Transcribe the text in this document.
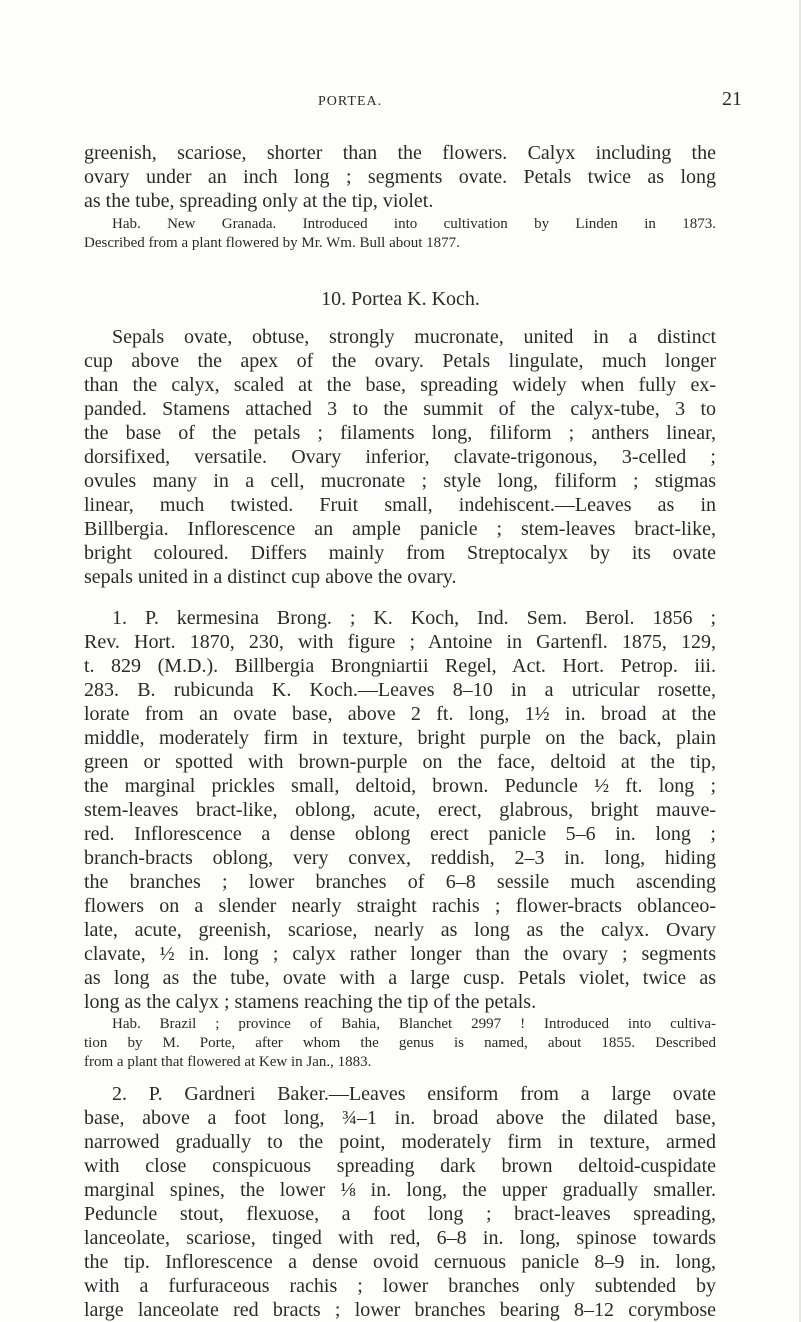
PORTEA.	21
greenish, scariose, shorter than the flowers. Calyx including the
ovary under an inch long ; segments ovate. Petals twice as long
as the tube, spreading only at the tip, violet.
Hab. New Granada. Introduced into cultivation by Linden in 1873.
Described from a plant flowered by Mr. Wm. Bull about 1877.
10. Portea K. Koch.
Sepals ovate, obtuse, strongly mucronate, united in a distinct
cup above the apex of the ovary. Petals lingulate, much longer
than the calyx, scaled at the base, spreading widely when fully ex-
panded. Stamens attached 3 to the summit of the calyx-tube, 3 to
the base of the petals ; filaments long, filiform ; anthers linear,
dorsifixed, versatile. Ovary inferior, clavate-trigonous, 3-celled ;
ovules many in a cell, mucronate ; style long, filiform ; stigmas
linear, much twisted. Fruit small, indehiscent.—Leaves as in
Billbergia. Inflorescence an ample panicle ; stem-leaves bract-like,
bright coloured. Differs mainly from Streptocalyx by its ovate
sepals united in a distinct cup above the ovary.
1. P. kermesina Brong. ; K. Koch, Ind. Sem. Berol. 1856 ;
Rev. Hort. 1870, 230, with figure ; Antoine in Gartenfl. 1875, 129,
t. 829 (M.D.). Billbergia Brongniartii Regel, Act. Hort. Petrop. iii.
283. B. rubicunda K. Koch.—Leaves 8–10 in a utricular rosette,
lorate from an ovate base, above 2 ft. long, 1½ in. broad at the
middle, moderately firm in texture, bright purple on the back, plain
green or spotted with brown-purple on the face, deltoid at the tip,
the marginal prickles small, deltoid, brown. Peduncle ½ ft. long ;
stem-leaves bract-like, oblong, acute, erect, glabrous, bright mauve-
red. Inflorescence a dense oblong erect panicle 5–6 in. long ;
branch-bracts oblong, very convex, reddish, 2–3 in. long, hiding
the branches ; lower branches of 6–8 sessile much ascending
flowers on a slender nearly straight rachis ; flower-bracts oblanceo-
late, acute, greenish, scariose, nearly as long as the calyx. Ovary
clavate, ½ in. long ; calyx rather longer than the ovary ; segments
as long as the tube, ovate with a large cusp. Petals violet, twice as
long as the calyx ; stamens reaching the tip of the petals.
Hab. Brazil ; province of Bahia, Blanchet 2997 ! Introduced into cultiva-
tion by M. Porte, after whom the genus is named, about 1855. Described
from a plant that flowered at Kew in Jan., 1883.
2. P. Gardneri Baker.—Leaves ensiform from a large ovate
base, above a foot long, ¾–1 in. broad above the dilated base,
narrowed gradually to the point, moderately firm in texture, armed
with close conspicuous spreading dark brown deltoid-cuspidate
marginal spines, the lower ⅛ in. long, the upper gradually smaller.
Peduncle stout, flexuose, a foot long ; bract-leaves spreading,
lanceolate, scariose, tinged with red, 6–8 in. long, spinose towards
the tip. Inflorescence a dense ovoid cernuous panicle 8–9 in. long,
with a furfuraceous rachis ; lower branches only subtended by
large lanceolate red bracts ; lower branches bearing 8–12 corymbose
